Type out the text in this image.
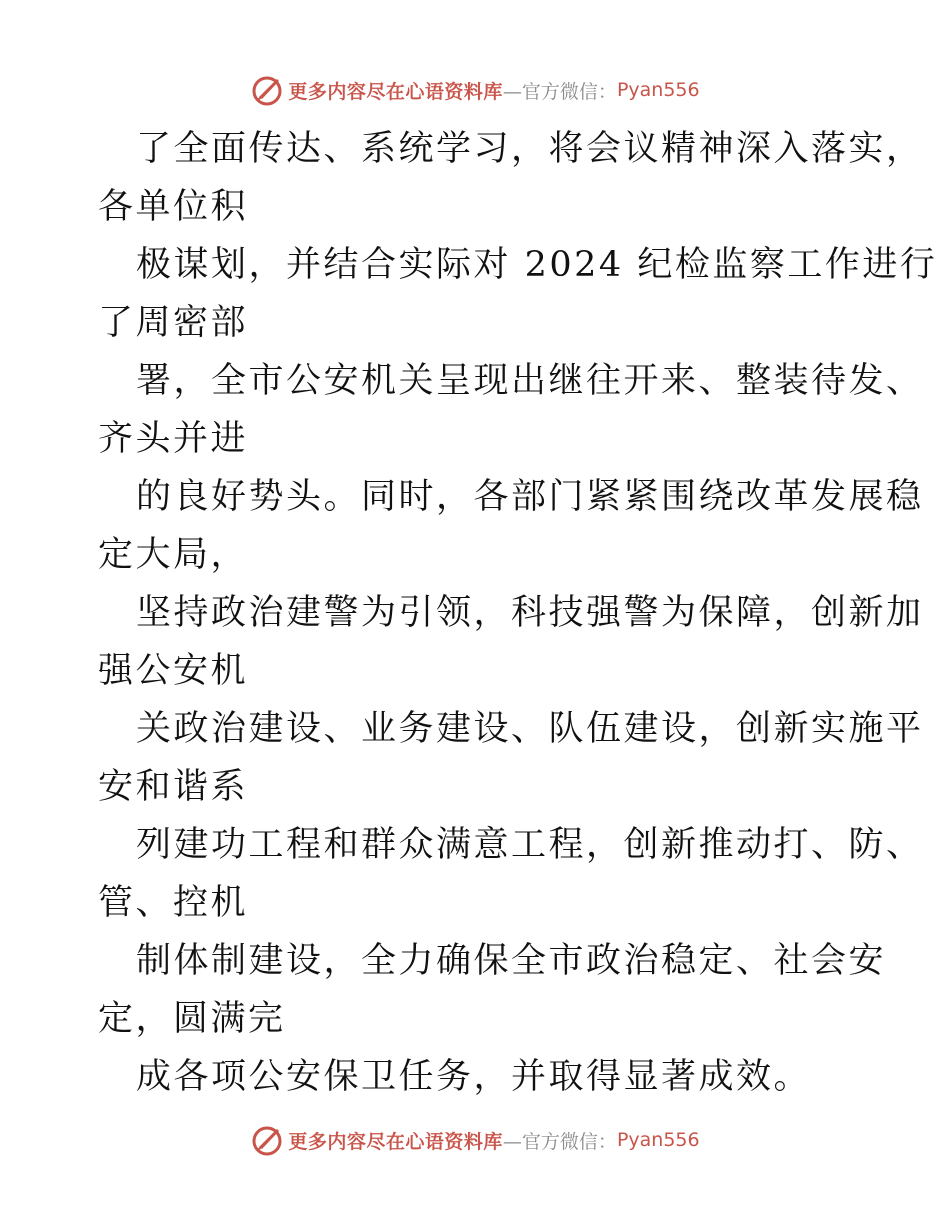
更多内容尽在心语资料库 —官方微信： Pyan556

了全面传达、系统学习，将会议精神深入落实，
各单位积

极谋划，并结合实际对 2024 纪检监察工作进行
了周密部

署，全市公安机关呈现出继往开来、整装待发、
齐头并进

的良好势头。同时，各部门紧紧围绕改革发展稳
定大局，

坚持政治建警为引领，科技强警为保障，创新加
强公安机

关政治建设、业务建设、队伍建设，创新实施平
安和谐系

列建功工程和群众满意工程，创新推动打、防、
管、控机

制体制建设，全力确保全市政治稳定、社会安
定，圆满完

成各项公安保卫任务，并取得显著成效。

更多内容尽在心语资料库 —官方微信： Pyan556
